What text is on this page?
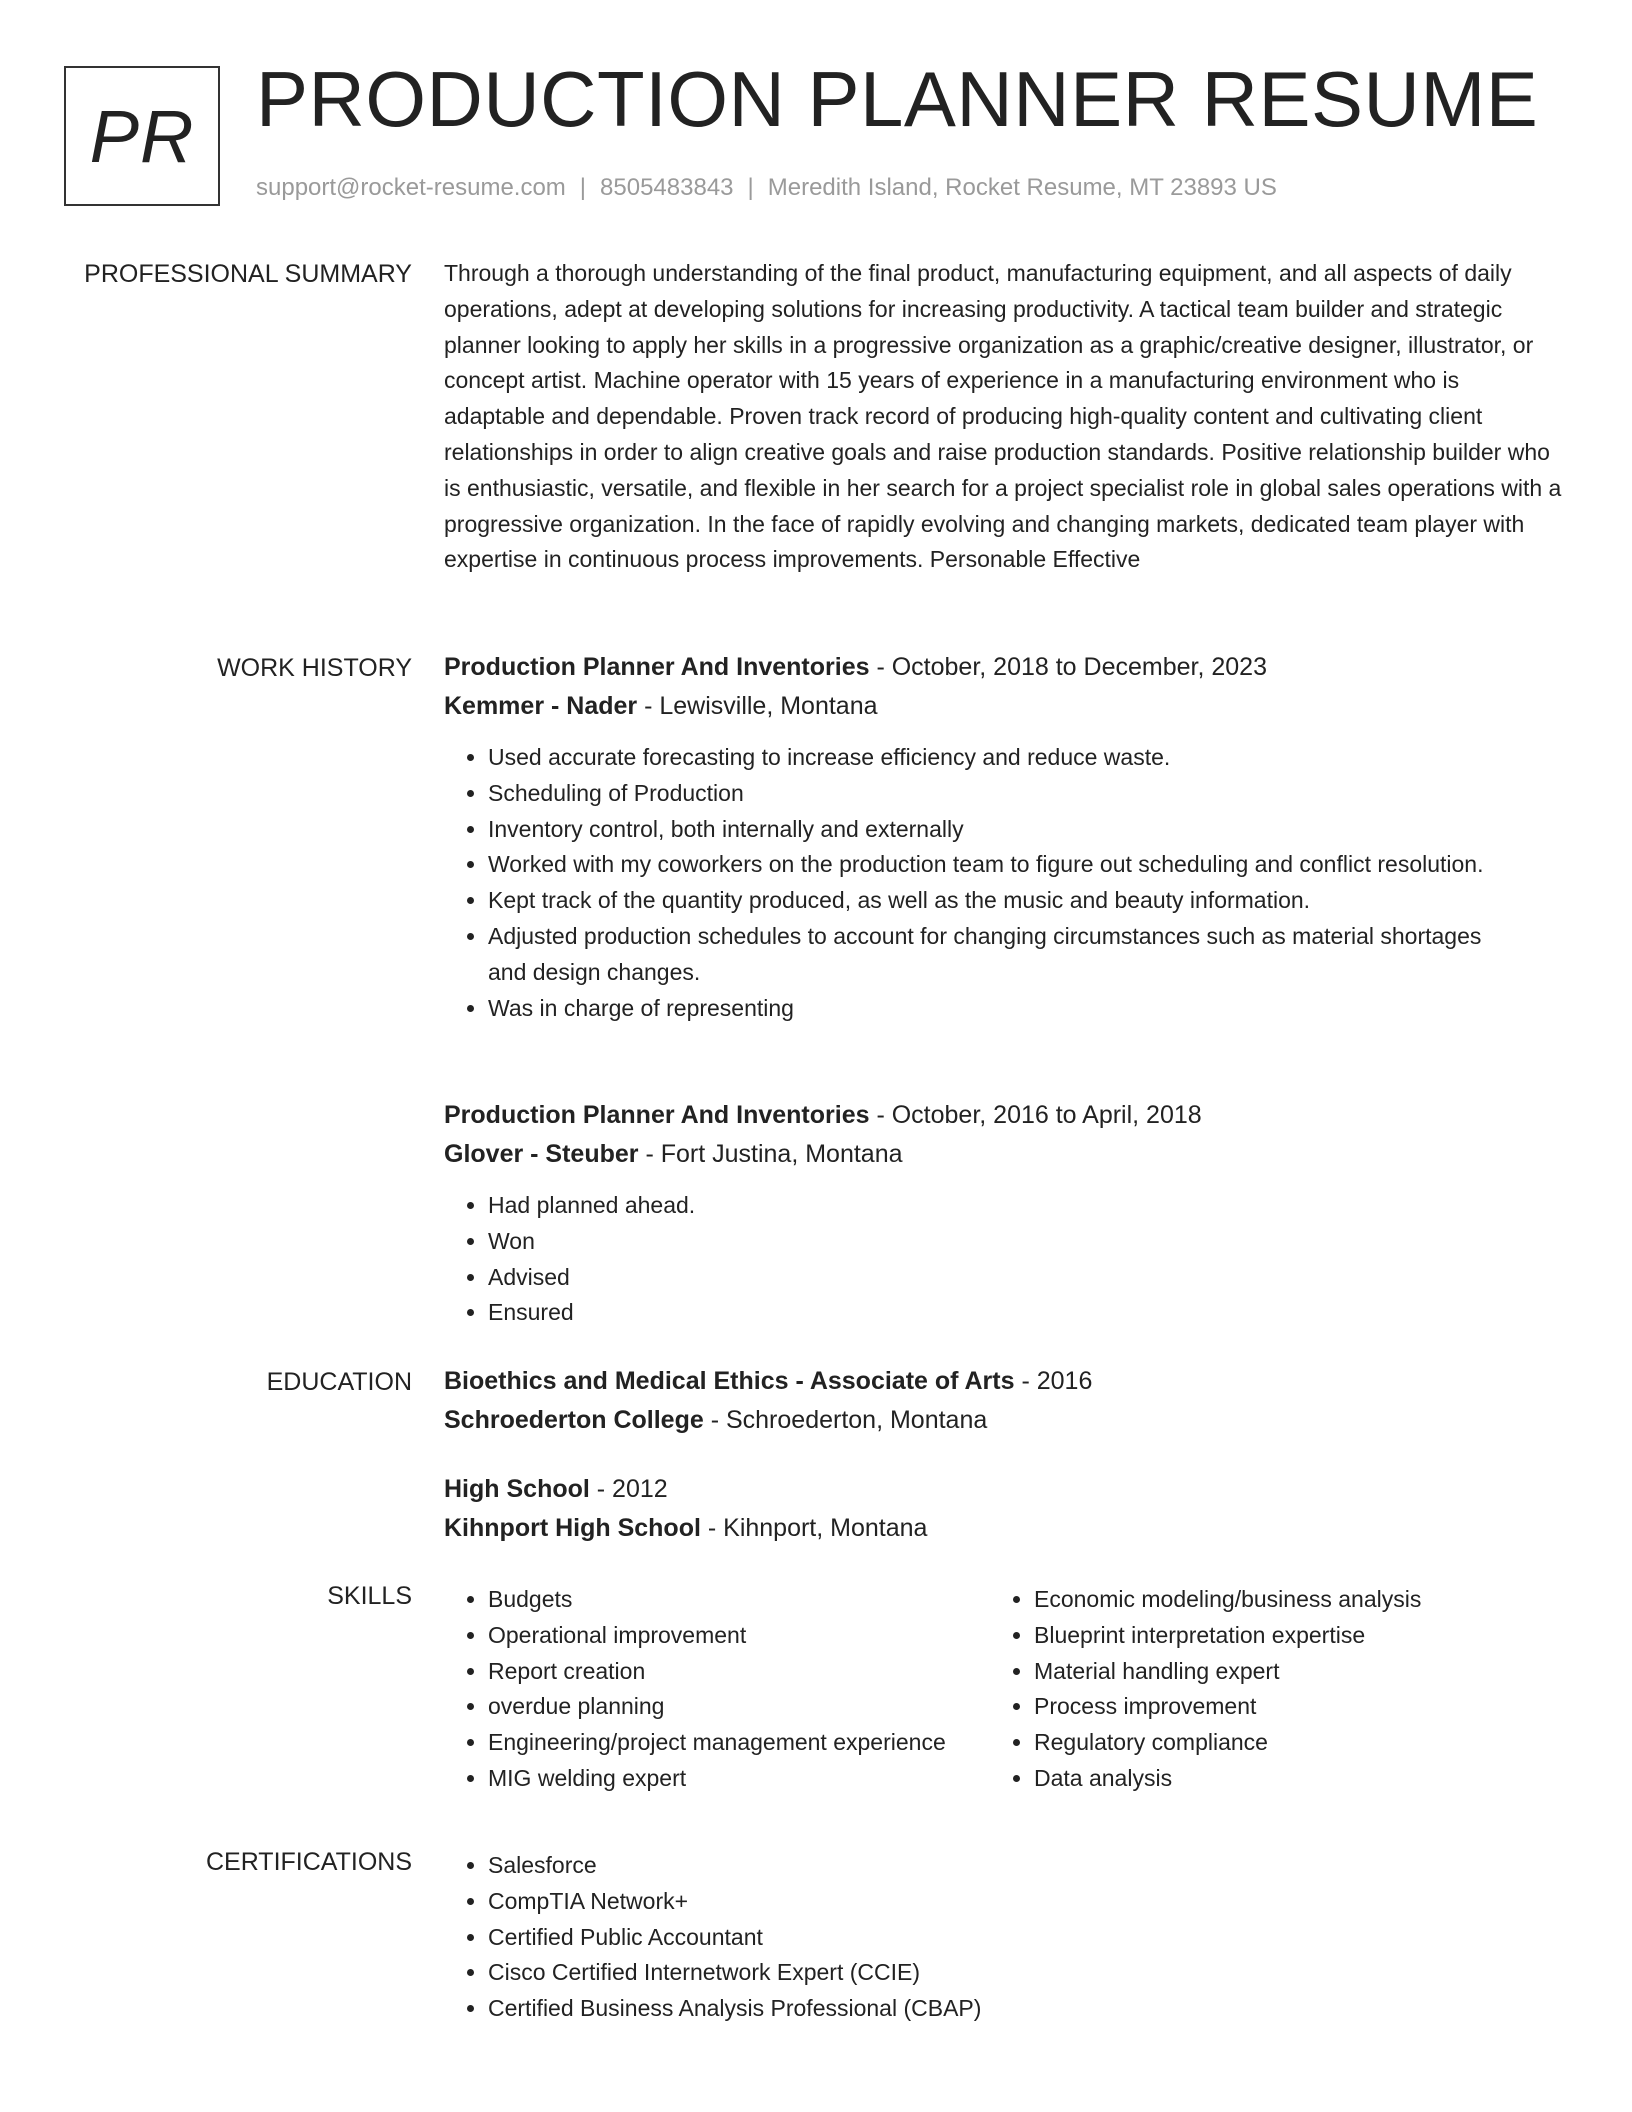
PR PRODUCTION PLANNER RESUME
support@rocket-resume.com | 8505483843 | Meredith Island, Rocket Resume, MT 23893 US
PROFESSIONAL SUMMARY Through a thorough understanding of the final product, manufacturing equipment, and all aspects of daily operations, adept at developing solutions for increasing productivity. A tactical team builder and strategic planner looking to apply her skills in a progressive organization as a graphic/creative designer, illustrator, or concept artist. Machine operator with 15 years of experience in a manufacturing environment who is adaptable and dependable. Proven track record of producing high-quality content and cultivating client relationships in order to align creative goals and raise production standards. Positive relationship builder who is enthusiastic, versatile, and flexible in her search for a project specialist role in global sales operations with a progressive organization. In the face of rapidly evolving and changing markets, dedicated team player with expertise in continuous process improvements. Personable Effective

WORK HISTORY Production Planner And Inventories - October, 2018 to December, 2023

Kemmer - Nader - Lewisville, Montana

• Used accurate forecasting to increase efficiency and reduce waste.
• Scheduling of Production
• Inventory control, both internally and externally
• Worked with my coworkers on the production team to figure out scheduling and conflict resolution.
• Kept track of the quantity produced, as well as the music and beauty information.
• Adjusted production schedules to account for changing circumstances such as material shortages and design changes.
• Was in charge of representing

Production Planner And Inventories - October, 2016 to April, 2018

Glover - Steuber - Fort Justina, Montana

• Had planned ahead.
• Won
• Advised
• Ensured
EDUCATION Bioethics and Medical Ethics - Associate of Arts - 2016

Schroederton College - Schroederton, Montana

High School - 2012

Kihnport High School - Kihnport, Montana

SKILLS	• Budgets
• Operational improvement
• Report creation
• overdue planning
• Engineering/project management experience
• MIG welding expert
• Economic modeling/business analysis
• Blueprint interpretation expertise
• Material handling expert
• Process improvement
• Regulatory compliance
• Data analysis
CERTIFICATIONS	• Salesforce
• CompTIA Network+
• Certified Public Accountant
• Cisco Certified Internetwork Expert (CCIE)
• Certified Business Analysis Professional (CBAP)
